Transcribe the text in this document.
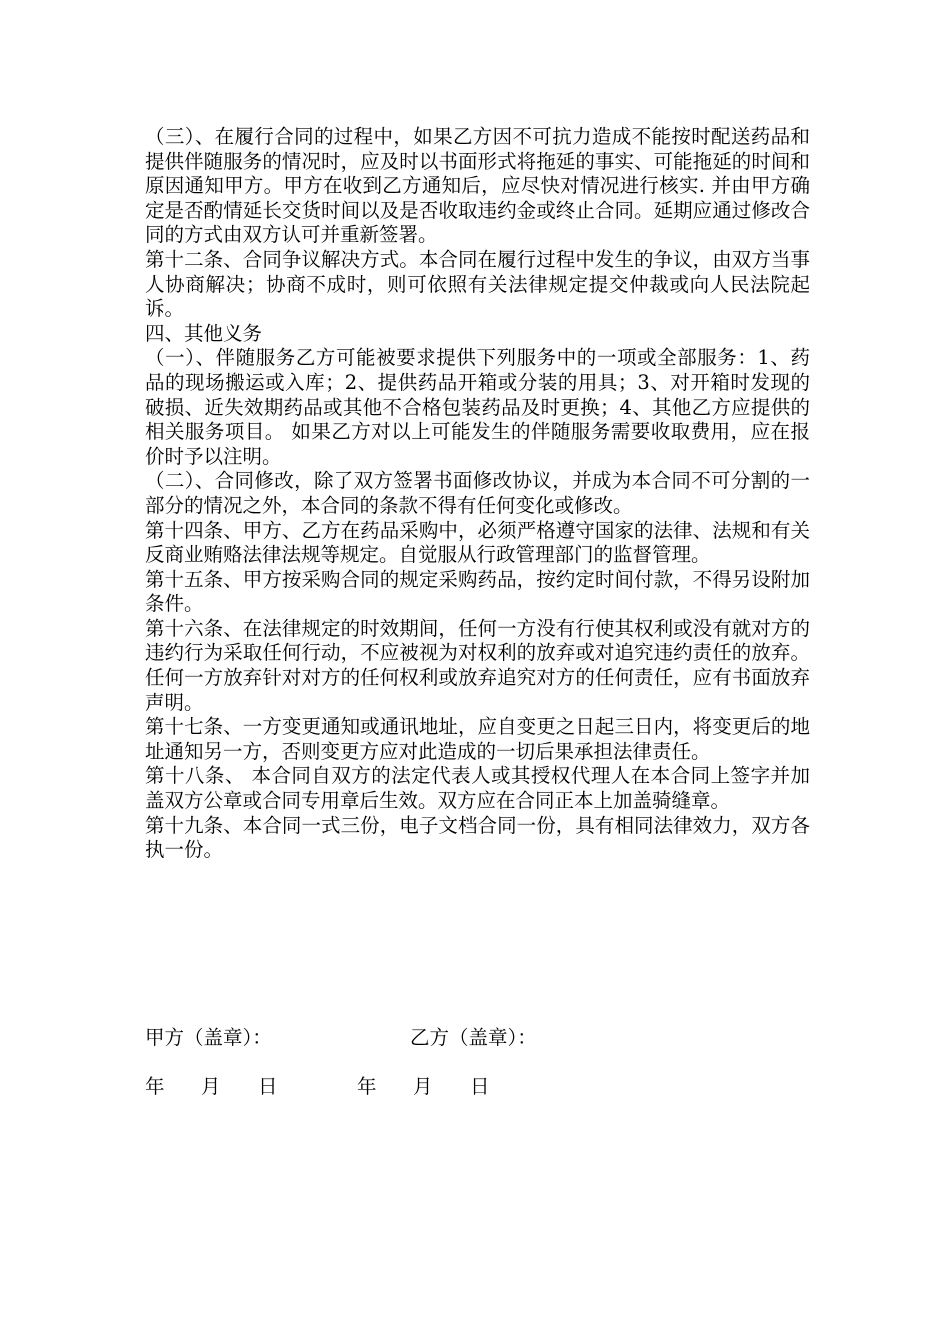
（三）、在履行合同的过程中，如果乙方因不可抗力造成不能按时配送药品和提供伴随服务的情况时，应及时以书面形式将拖延的事实、可能拖延的时间和原因通知甲方。甲方在收到乙方通知后，应尽快对情况进行核实. 并由甲方确定是否酌情延长交货时间以及是否收取违约金或终止合同。延期应通过修改合同的方式由双方认可并重新签署。

第十二条、合同争议解决方式。本合同在履行过程中发生的争议，由双方当事人协商解决；协商不成时，则可依照有关法律规定提交仲裁或向人民法院起诉。

四、其他义务

（一）、伴随服务乙方可能被要求提供下列服务中的一项或全部服务：1、药品的现场搬运或入库；2、提供药品开箱或分装的用具；3、对开箱时发现的破损、近失效期药品或其他不合格包装药品及时更换；4、其他乙方应提供的相关服务项目。 如果乙方对以上可能发生的伴随服务需要收取费用，应在报价时予以注明。

（二）、合同修改，除了双方签署书面修改协议，并成为本合同不可分割的一部分的情况之外，本合同的条款不得有任何变化或修改。

第十四条、甲方、乙方在药品采购中，必须严格遵守国家的法律、法规和有关反商业贿赂法律法规等规定。自觉服从行政管理部门的监督管理。

第十五条、甲方按采购合同的规定采购药品，按约定时间付款，不得另设附加条件。

第十六条、在法律规定的时效期间，任何一方没有行使其权利或没有就对方的违约行为采取任何行动，不应被视为对权利的放弃或对追究违约责任的放弃。任何一方放弃针对对方的任何权利或放弃追究对方的任何责任，应有书面放弃声明。

第十七条、一方变更通知或通讯地址，应自变更之日起三日内，将变更后的地址通知另一方，否则变更方应对此造成的一切后果承担法律责任。

第十八条、 本合同自双方的法定代表人或其授权代理人在本合同上签字并加盖双方公章或合同专用章后生效。双方应在合同正本上加盖骑缝章。

第十九条、本合同一式三份，电子文档合同一份，具有相同法律效力，双方各执一份。

甲方（盖章）：	乙方（盖章）：
年 月 日	年 月 日
